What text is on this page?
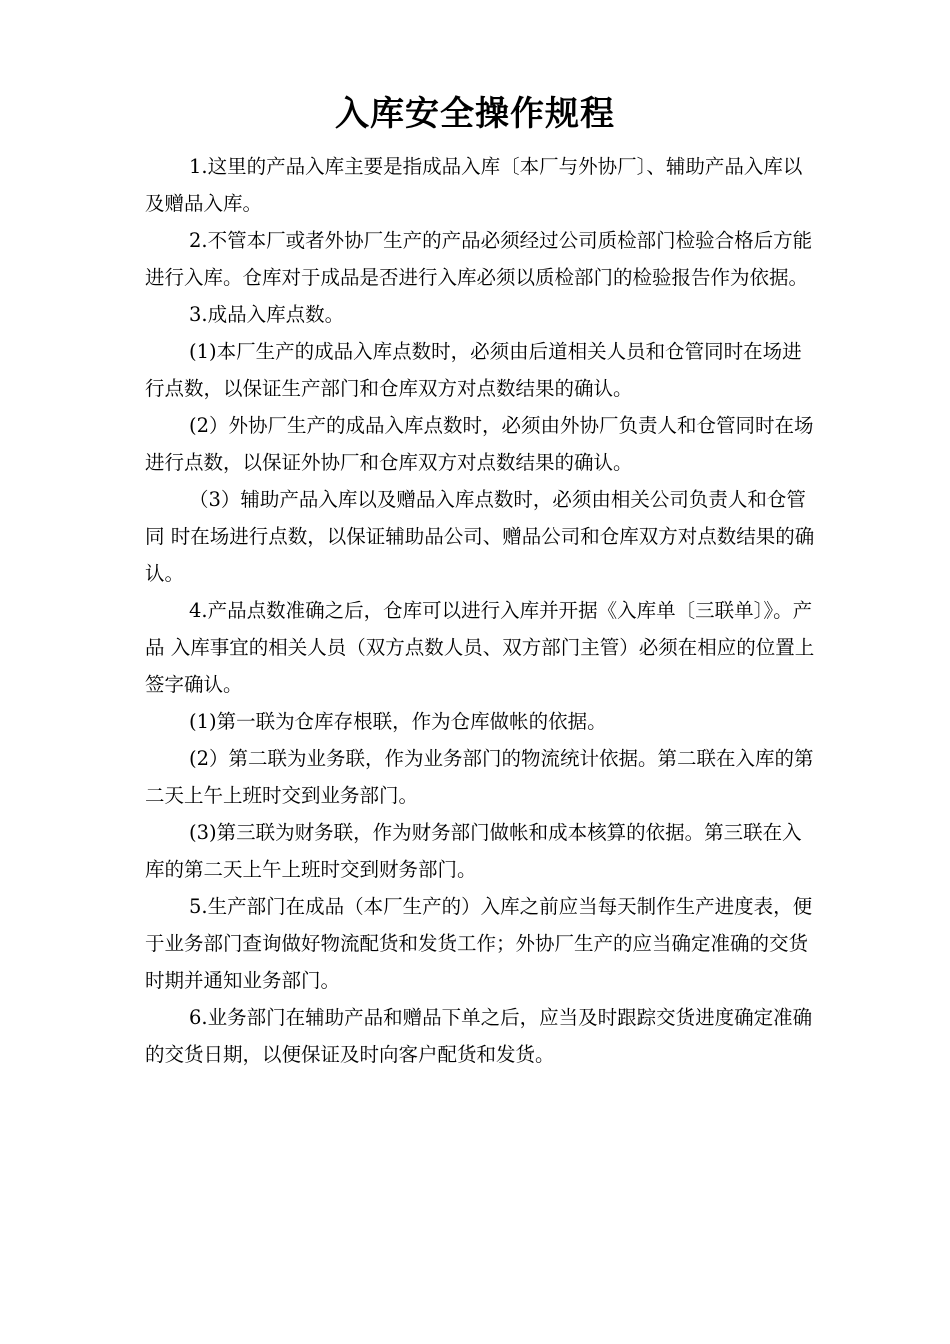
入库安全操作规程

1.这里的产品入库主要是指成品入库〔本厂与外协厂〕、辅助产品入库以及赠品入库。

2.不管本厂或者外协厂生产的产品必须经过公司质检部门检验合格后方能进行入库。仓库对于成品是否进行入库必须以质检部门的检验报告作为依据。

3.成品入库点数。

(1)本厂生产的成品入库点数时，必须由后道相关人员和仓管同时在场进行点数，以保证生产部门和仓库双方对点数结果的确认。

(2）外协厂生产的成品入库点数时，必须由外协厂负责人和仓管同时在场 进行点数，以保证外协厂和仓库双方对点数结果的确认。

（3）辅助产品入库以及赠品入库点数时，必须由相关公司负责人和仓管同 时在场进行点数，以保证辅助品公司、赠品公司和仓库双方对点数结果的确认。

4.产品点数准确之后，仓库可以进行入库并开据《入库单〔三联单〕》。产品 入库事宜的相关人员（双方点数人员、双方部门主管）必须在相应的位置上签字确认。

(1)第一联为仓库存根联，作为仓库做帐的依据。

(2）第二联为业务联，作为业务部门的物流统计依据。第二联在入库的第 二天上午上班时交到业务部门。

(3)第三联为财务联，作为财务部门做帐和成本核算的依据。第三联在入库的第二天上午上班时交到财务部门。

5.生产部门在成品（本厂生产的）入库之前应当每天制作生产进度表，便于业务部门查询做好物流配货和发货工作；外协厂生产的应当确定准确的交货时期并通知业务部门。

6.业务部门在辅助产品和赠品下单之后，应当及时跟踪交货进度确定准确的交货日期，以便保证及时向客户配货和发货。
